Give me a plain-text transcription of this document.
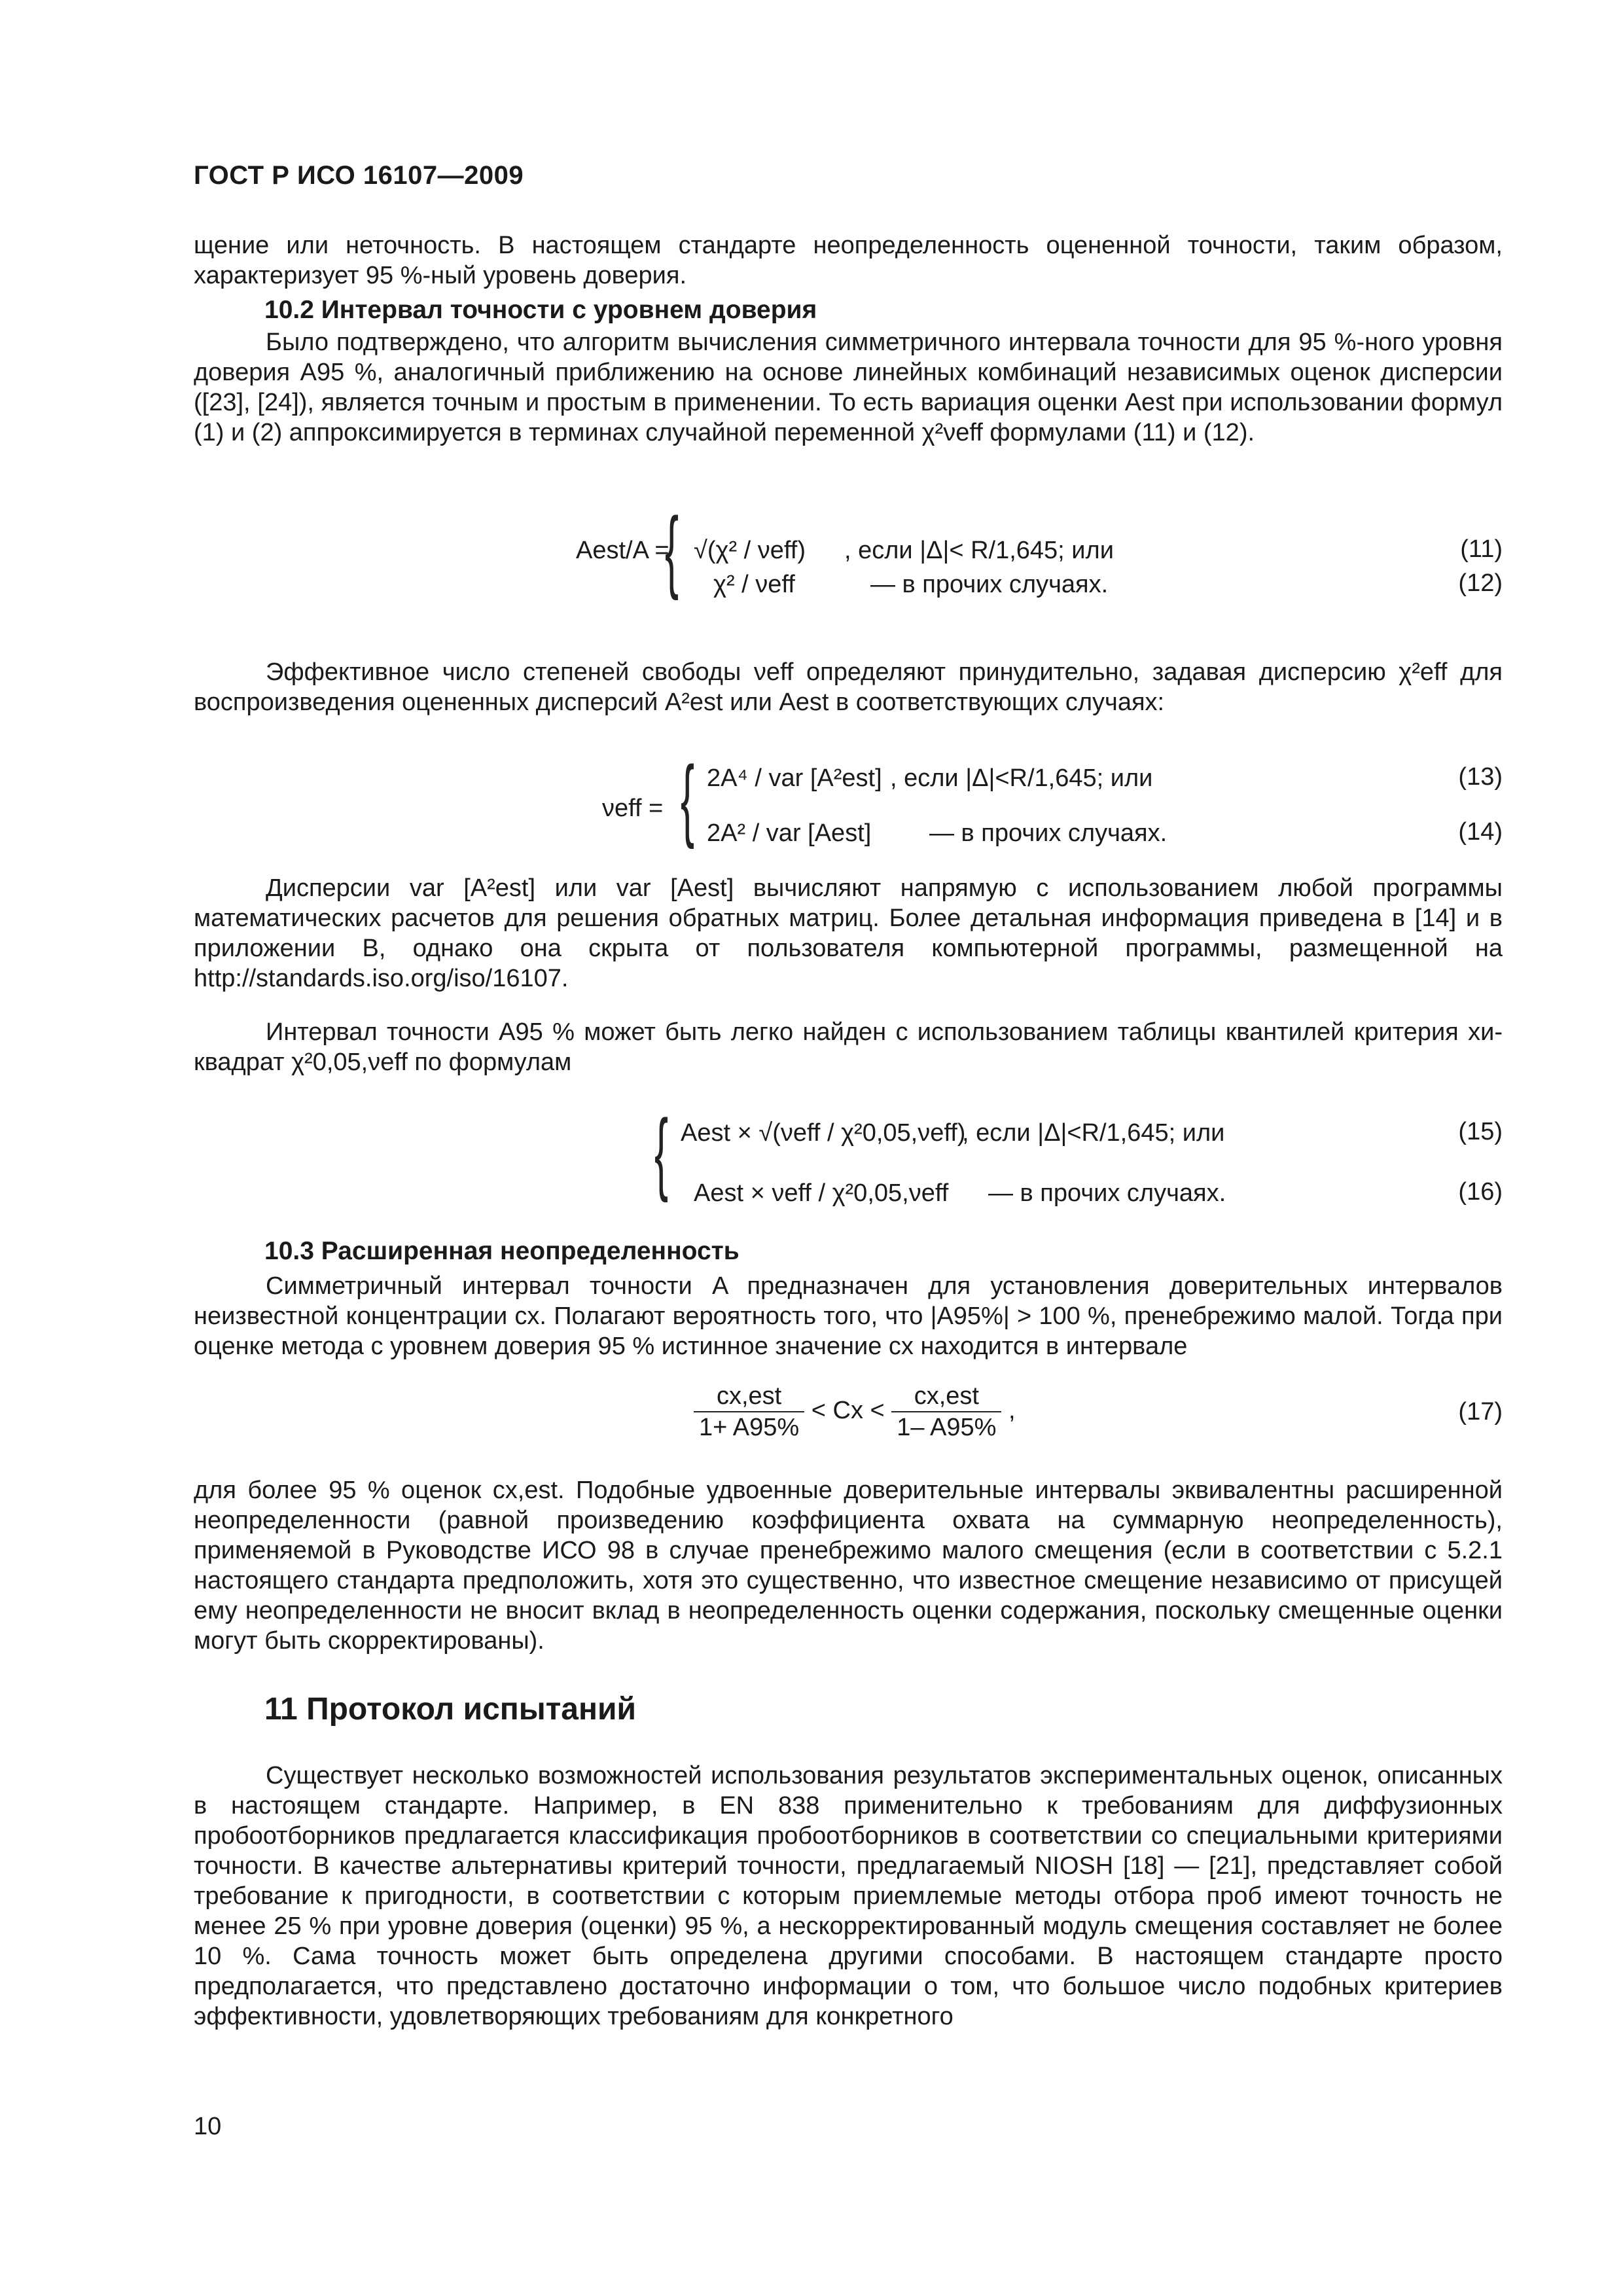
ГОСТ Р ИСО 16107—2009

щение или неточность. В настоящем стандарте неопределенность оцененной точности, таким образом, характеризует 95 %-ный уровень доверия.

10.2 Интервал точности с уровнем доверия

Было подтверждено, что алгоритм вычисления симметричного интервала точности для 95 %-ного уровня доверия A95 %, аналогичный приближению на основе линейных комбинаций независимых оценок дисперсии ([23], [24]), является точным и простым в применении. То есть вариация оценки Aest при использовании формул (1) и (2) аппроксимируется в терминах случайной переменной χ²νeff формулами (11) и (12).

Aest/A =
{ √(χ² / νeff) , если |Δ|< R/1,645; или	(11)
χ² / νeff	— в прочих случаях.	(12)

Эффективное число степеней свободы νeff определяют принудительно, задавая дисперсию χ²eff для воспроизведения оцененных дисперсий A²est или Aest в соответствующих случаях:

νeff = { 2A⁴ / var [A²est] , если |Δ|<R/1,645; или	(13)
2A² / var [Aest] — в прочих случаях.	(14)

Дисперсии var [A²est] или var [Aest] вычисляют напрямую с использованием любой программы математических расчетов для решения обратных матриц. Более детальная информация приведена в [14] и в приложении В, однако она скрыта от пользователя компьютерной программы, размещенной на http://standards.iso.org/iso/16107.

Интервал точности A95 % может быть легко найден с использованием таблицы квантилей критерия хи-квадрат χ²0,05,νeff по формулам

{ Aest × √(νeff / χ²0,05,νeff)
, если |Δ|<R/1,645; или	(15)
Aest × νeff / χ²0,05,νeff — в прочих случаях.	(16)
10.3 Расширенная неопределенность

Симметричный интервал точности A предназначен для установления доверительных интервалов неизвестной концентрации cx. Полагают вероятность того, что |A95%| > 100 %, пренебрежимо малой. Тогда при оценке метода с уровнем доверия 95 % истинное значение cx находится в интервале

$\frac{\text{cx,est}}{1+ A95\%} < Cx < \frac{\text{cx,est}}{1- A95\%}$ ,	(17)

для более 95 % оценок cx,est. Подобные удвоенные доверительные интервалы эквивалентны расширенной неопределенности (равной произведению коэффициента охвата на суммарную неопределенность), применяемой в Руководстве ИСО 98 в случае пренебрежимо малого смещения (если в соответствии с 5.2.1 настоящего стандарта предположить, хотя это существенно, что известное смещение независимо от присущей ему неопределенности не вносит вклад в неопределенность оценки содержания, поскольку смещенные оценки могут быть скорректированы).

11 Протокол испытаний

Существует несколько возможностей использования результатов экспериментальных оценок, описанных в настоящем стандарте. Например, в EN 838 применительно к требованиям для диффузионных пробоотборников предлагается классификация пробоотборников в соответствии со специальными критериями точности. В качестве альтернативы критерий точности, предлагаемый NIOSH [18] — [21], представляет собой требование к пригодности, в соответствии с которым приемлемые методы отбора проб имеют точность не менее 25 % при уровне доверия (оценки) 95 %, а нескорректированный модуль смещения составляет не более 10 %. Сама точность может быть определена другими способами. В настоящем стандарте просто предполагается, что представлено достаточно информации о том, что большое число подобных критериев эффективности, удовлетворяющих требованиям для конкретного

10
